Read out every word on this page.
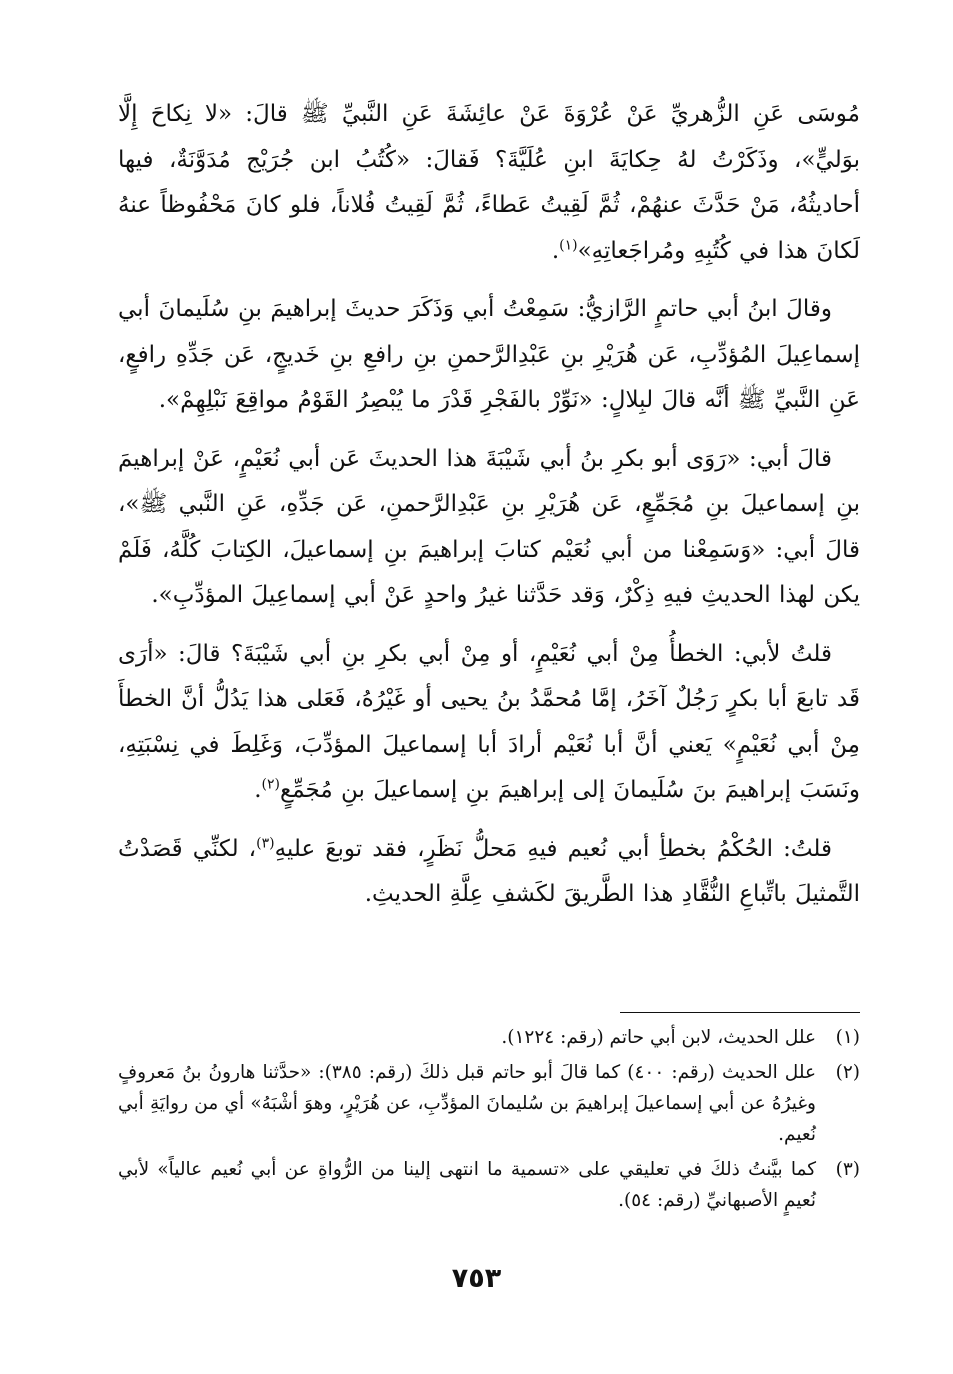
مُوسَى عَنِ الزُّهريِّ عَنْ عُرْوَةَ عَنْ عائِشَةَ عَنِ النَّبيِّ ﷺ قالَ: «لا نِكاحَ إِلَّا بوَليٍّ»، وذَكَرْتُ لهُ حِكايَةَ ابنِ عُلَيَّةَ؟ فَقالَ: «كُتُبُ ابن جُرَيْج مُدَوَّنَةٌ، فيها أحاديثُهُ، مَنْ حَدَّثَ عنهُمْ، ثُمَّ لَقِيتُ عَطاءً، ثُمَّ لَقِيتُ فُلاناً، فلو كانَ مَحْفُوظاً عنهُ لَكانَ هذا في كُتُبِهِ ومُراجَعاتِهِ»$^{(١)}$.

وقالَ ابنُ أبي حاتمٍ الرَّازيُّ: سَمِعْتُ أبي وَذَكَرَ حديثَ إبراهيمَ بنِ سُلَيمانَ أبي إسماعِيلَ المُؤدِّبِ، عَن هُرَيْرِ بنِ عَبْدِالرَّحمنِ بنِ رافعِ بنِ خَديجٍ، عَن جَدِّهِ رافعٍ، عَنِ النَّبيِّ ﷺ أنَّه قالَ لبِلالٍ: «نَوِّرْ بالفَجْرِ قَدْرَ ما يُبْصِرُ القَوْمُ مواقِعَ نَبْلِهِمْ».

قالَ أبي: «رَوَى أبو بكرِ بنُ أبي شَيْبَةَ هذا الحديثَ عَن أبي نُعَيْمٍ، عَنْ إبراهيمَ بنِ إسماعيلَ بنِ مُجَمِّعٍ، عَن هُرَيْرِ بنِ عَبْدِالرَّحمنِ، عَن جَدِّهِ، عَنِ النَّبي ﷺ»، قالَ أبي: «وَسَمِعْنا من أبي نُعَيْم كتابَ إبراهيمَ بنِ إسماعيلَ، الكِتابَ كُلَّهُ، فَلَمْ يكن لهذا الحديثِ فيهِ ذِكْرٌ، وَقد حَدَّثنا غيرُ واحدٍ عَنْ أبي إسماعِيلَ المؤدِّبِ».

قلتُ لأبي: الخطأُ مِنْ أبي نُعَيْمٍ، أو مِنْ أبي بكرِ بنِ أبي شَيْبَةَ؟ قالَ: «أرَى قَد تابعَ أبا بكرٍ رَجُلٌ آخَرُ، إمَّا مُحمَّدُ بنُ يحيى أو غَيْرُهُ، فَعَلى هذا يَدُلُّ أنَّ الخطأَ مِنْ أبي نُعَيْمٍ» يَعني أنَّ أبا نُعَيْم أرادَ أبا إسماعيلَ المؤدِّبَ، وَغَلِطَ في نِسْبَتِهِ، ونَسَبَ إبراهيمَ بنَ سُلَيمانَ إلى إبراهيمَ بنِ إسماعيلَ بنِ مُجَمِّعٍ$^{(٢)}$.

قلتُ: الحُكْمُ بخطأِ أبي نُعيم فيهِ مَحلُّ نَظَرٍ، فقد توبعَ عليهِ$^{(٣)}$، لكنِّي قَصَدْتُ التَّمثيلَ باتِّباعِ النُّقَّادِ هذا الطَّريقَ لكَشفِ عِلَّةِ الحديثِ.

(١)
علل الحديث، لابن أبي حاتم (رقم: ١٢٢٤).
(٢)
علل الحديث (رقم: ٤٠٠) كما قالَ أبو حاتم قبل ذلكَ (رقم: ٣٨٥): «حدَّثنا هارونُ بنُ مَعروفٍ وغيرُهُ عن أبي إسماعيلَ إبراهيمَ بن سُليمانَ المؤدِّبِ، عن هُرَيْرٍ، وهوَ أشْبَهُ» أي من روايَةِ أبي نُعيم.
(٣)
كما بيَّنتُ ذلكَ في تعليقي على «تسمية ما انتهى إلينا من الرُّواةِ عن أبي نُعيم عالياً» لأبي نُعيمٍ الأصبهانيِّ (رقم: ٥٤).
٧٥٣
